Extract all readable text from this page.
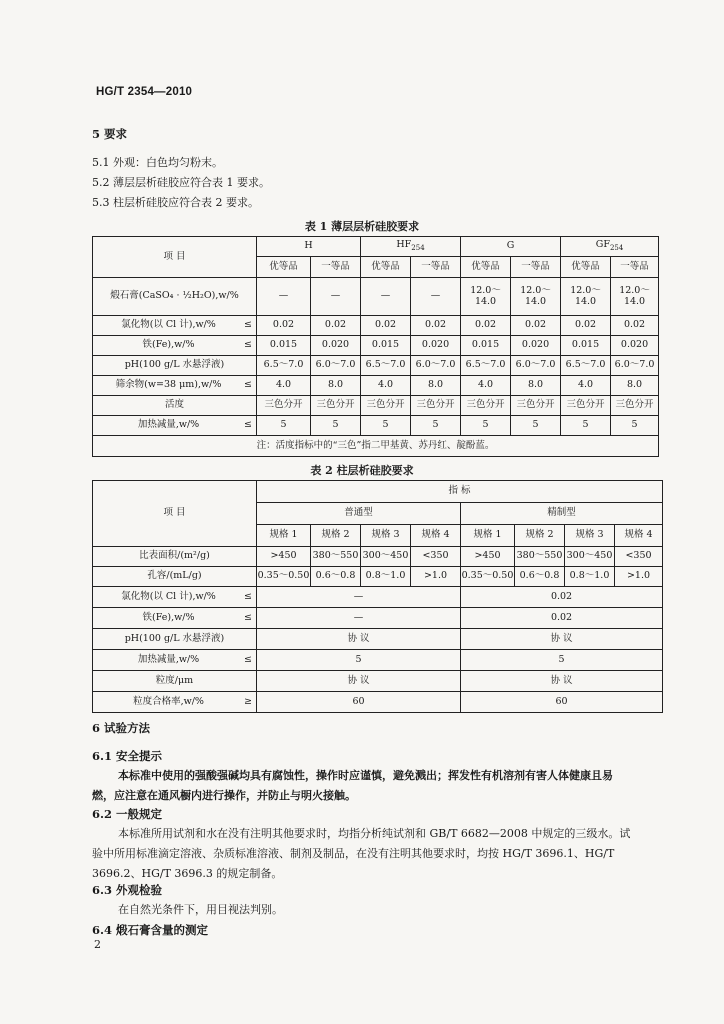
HG/T 2354—2010
5 要求
5.1 外观：白色均匀粉末。
5.2 薄层层析硅胶应符合表 1 要求。
5.3 柱层析硅胶应符合表 2 要求。
表 1 薄层层析硅胶要求
项 目	H		$HF_{254}$		G		$GF_{254}$
	优等品	一等品	优等品	一等品	优等品	一等品	优等品	一等品
煅石膏(CaSO₄ · ½H₂O),w/%	—	—	—	—	12.0～14.0	12.0～14.0	12.0～14.0	12.0～14.0
氯化物(以 Cl 计),w/% ≤	0.02	0.02	0.02	0.02	0.02	0.02	0.02	0.02
铁(Fe),w/% ≤	0.015	0.020	0.015	0.020	0.015	0.020	0.015	0.020
pH(100 g/L 水悬浮液)	6.5～7.0	6.0～7.0	6.5～7.0	6.0～7.0	6.5～7.0	6.0～7.0	6.5～7.0	6.0～7.0
筛余物(w=38 μm),w/% ≤	4.0	8.0	4.0	8.0	4.0	8.0	4.0	8.0
活度	三色分开	三色分开	三色分开	三色分开	三色分开	三色分开	三色分开	三色分开
加热减量,w/% ≤	5	5	5	5	5	5	5	5
注：活度指标中的“三色”指二甲基黄、苏丹红、靛酚蓝。								
表 2 柱层析硅胶要求
项 目	指 标							
	普通型				精制型			
	规格 1	规格 2	规格 3	规格 4	规格 1	规格 2	规格 3	规格 4
比表面积/(m²/g)	>450	380～550	300～450	<350	>450	380～550	300～450	<350
孔容/(mL/g)	0.35～0.50	0.6～0.8	0.8～1.0	>1.0	0.35～0.50	0.6～0.8	0.8～1.0	>1.0
氯化物(以 Cl 计),w/% ≤	—				0.02			
铁(Fe),w/% ≤	—				0.02			
pH(100 g/L 水悬浮液)	协 议				协 议			
加热减量,w/% ≤	5				5			
粒度/μm	协 议				协 议			
粒度合格率,w/% ≥	60				60			
6 试验方法
6.1 安全提示
本标准中使用的强酸强碱均具有腐蚀性，操作时应谨慎，避免溅出；挥发性有机溶剂有害人体健康且易燃，应注意在通风橱内进行操作，并防止与明火接触。
6.2 一般规定
本标准所用试剂和水在没有注明其他要求时，均指分析纯试剂和 GB/T 6682—2008 中规定的三级水。试验中所用标准滴定溶液、杂质标准溶液、制剂及制品，在没有注明其他要求时，均按 HG/T 3696.1、HG/T 3696.2、HG/T 3696.3 的规定制备。
6.3 外观检验
在自然光条件下，用目视法判别。
6.4 煅石膏含量的测定
2
